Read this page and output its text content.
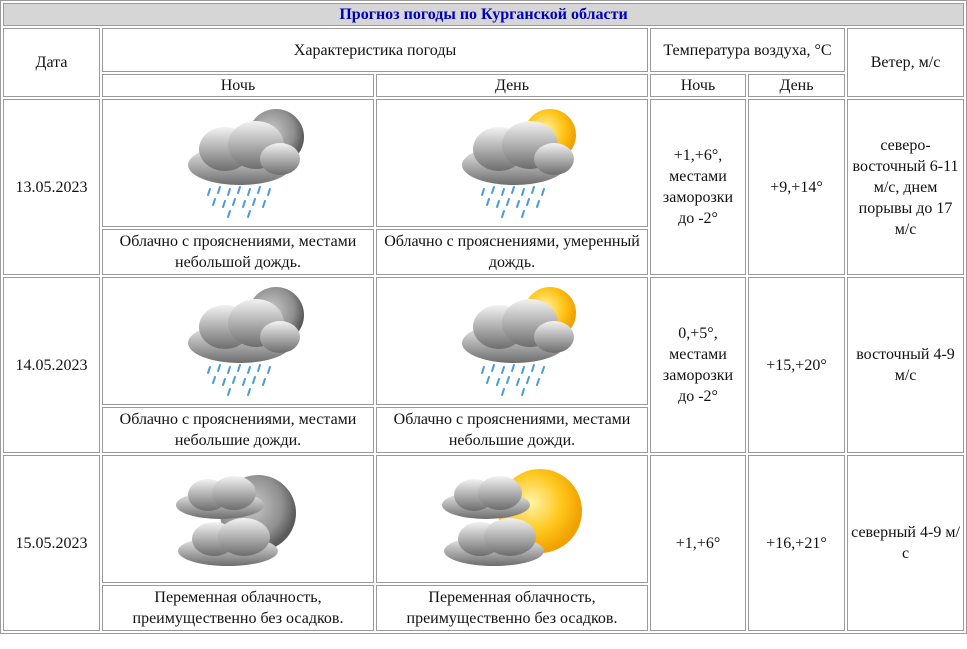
Прогноз погоды по Курганской области					
Дата	Характеристика погоды		Температура воздуха, °С		Ветер, м/с
	Ночь	День	Ночь	День	
13.05.2023			+1,+6°, местами заморозки до -2°	+9,+14°	северо-восточный 6-11 м/с, днем порывы до 17 м/с
	Облачно с прояснениями, местами небольшой дождь.	Облачно с прояснениями, умеренный дождь.			
14.05.2023			0,+5°, местами заморозки до -2°	+15,+20°	восточный 4-9 м/с
	Облачно с прояснениями, местами небольшие дожди.	Облачно с прояснениями, местами небольшие дожди.			
15.05.2023			+1,+6°	+16,+21°	северный 4-9 м/с
	Переменная облачность, преимущественно без осадков.	Переменная облачность, преимущественно без осадков.			
